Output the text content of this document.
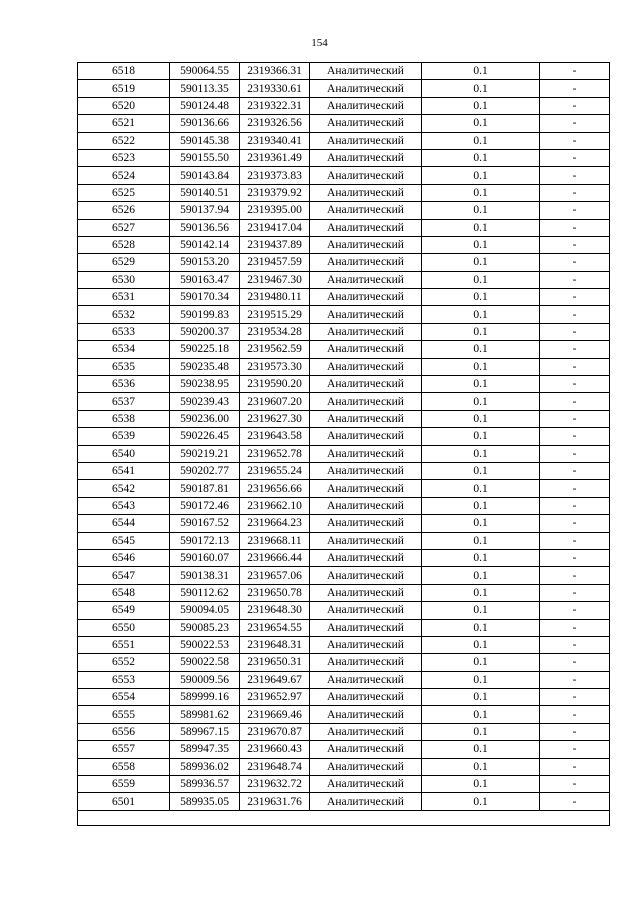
154
6518	590064.55	2319366.31	Аналитический	0.1	-
6519	590113.35	2319330.61	Аналитический	0.1	-
6520	590124.48	2319322.31	Аналитический	0.1	-
6521	590136.66	2319326.56	Аналитический	0.1	-
6522	590145.38	2319340.41	Аналитический	0.1	-
6523	590155.50	2319361.49	Аналитический	0.1	-
6524	590143.84	2319373.83	Аналитический	0.1	-
6525	590140.51	2319379.92	Аналитический	0.1	-
6526	590137.94	2319395.00	Аналитический	0.1	-
6527	590136.56	2319417.04	Аналитический	0.1	-
6528	590142.14	2319437.89	Аналитический	0.1	-
6529	590153.20	2319457.59	Аналитический	0.1	-
6530	590163.47	2319467.30	Аналитический	0.1	-
6531	590170.34	2319480.11	Аналитический	0.1	-
6532	590199.83	2319515.29	Аналитический	0.1	-
6533	590200.37	2319534.28	Аналитический	0.1	-
6534	590225.18	2319562.59	Аналитический	0.1	-
6535	590235.48	2319573.30	Аналитический	0.1	-
6536	590238.95	2319590.20	Аналитический	0.1	-
6537	590239.43	2319607.20	Аналитический	0.1	-
6538	590236.00	2319627.30	Аналитический	0.1	-
6539	590226.45	2319643.58	Аналитический	0.1	-
6540	590219.21	2319652.78	Аналитический	0.1	-
6541	590202.77	2319655.24	Аналитический	0.1	-
6542	590187.81	2319656.66	Аналитический	0.1	-
6543	590172.46	2319662.10	Аналитический	0.1	-
6544	590167.52	2319664.23	Аналитический	0.1	-
6545	590172.13	2319668.11	Аналитический	0.1	-
6546	590160.07	2319666.44	Аналитический	0.1	-
6547	590138.31	2319657.06	Аналитический	0.1	-
6548	590112.62	2319650.78	Аналитический	0.1	-
6549	590094.05	2319648.30	Аналитический	0.1	-
6550	590085.23	2319654.55	Аналитический	0.1	-
6551	590022.53	2319648.31	Аналитический	0.1	-
6552	590022.58	2319650.31	Аналитический	0.1	-
6553	590009.56	2319649.67	Аналитический	0.1	-
6554	589999.16	2319652.97	Аналитический	0.1	-
6555	589981.62	2319669.46	Аналитический	0.1	-
6556	589967.15	2319670.87	Аналитический	0.1	-
6557	589947.35	2319660.43	Аналитический	0.1	-
6558	589936.02	2319648.74	Аналитический	0.1	-
6559	589936.57	2319632.72	Аналитический	0.1	-
6501	589935.05	2319631.76	Аналитический	0.1	-
